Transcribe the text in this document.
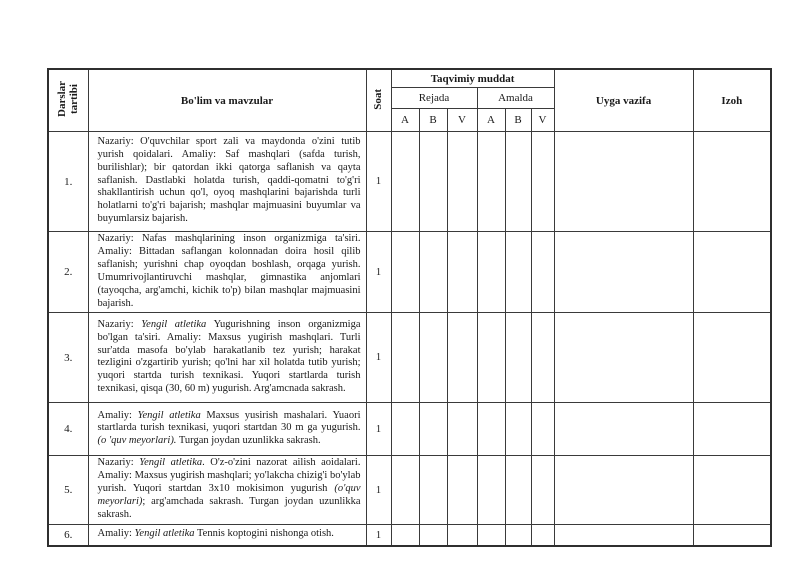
Darslar tartibi	Bo'lim va mavzular	Soat	Taqvimiy muddat						Uyga vazifa	Izoh
			Rejada			Amalda				
			A	B	V	A	B	V		
1.	Nazariy: O'quvchilar sport zali va maydonda o'zini tutib yurish qoidalari. Amaliy: Saf mashqlari (safda turish, burilishlar); bir qatordan ikki qatorga saflanish va qayta saflanish. Dastlabki holatda turish, qaddi-qomatni to'g'ri shakllantirish uchun qo'l, oyoq mashqlarini bajarishda turli holatlarni to'g'ri bajarish; mashqlar majmuasini buyumlar va buyumlarsiz bajarish.	1								
2.	Nazariy: Nafas mashqlarining inson organizmiga ta'siri. Amaliy: Bittadan saflangan kolonnadan doira hosil qilib saflanish; yurishni chap oyoqdan boshlash, orqaga yurish. Umumrivojlantiruvchi mashqlar, gimnastika anjomlari (tayoqcha, arg'amchi, kichik to'p) bilan mashqlar majmuasini bajarish.	1								
3.	Nazariy: Yengil atletika Yugurishning inson organizmiga bo'lgan ta'siri. Amaliy: Maxsus yugirish mashqlari. Turli sur'atda masofa bo'ylab harakatlanib tez yurish; harakat tezligini o'zgartirib yurish; qo'lni har xil holatda tutib yurish; yuqori startda turish texnikasi. Yuqori startlarda turish texnikasi, qisqa (30, 60 m) yugurish. Arg'amcnada sakrash.	1								
4.	Amaliy: Yengil atletika Maxsus yusirish mashalari. Yuaori startlarda turish texnikasi, yuqori startdan 30 m ga yugurish. (o 'quv meyorlari). Turgan joydan uzunlikka sakrash.	1								
5.	Nazariy: Yengil atletika. O'z-o'zini nazorat ailish aoidalari. Amaliy: Maxsus yugirish mashqlari; yo'lakcha chizig'i bo'ylab yurish. Yuqori startdan 3x10 mokisimon yugurish (o'quv meyorlari); arg'amchada sakrash. Turgan joydan uzunlikka sakrash.	1								
6.	Amaliy: Yengil atletika Tennis koptogini nishonga otish.	1								
